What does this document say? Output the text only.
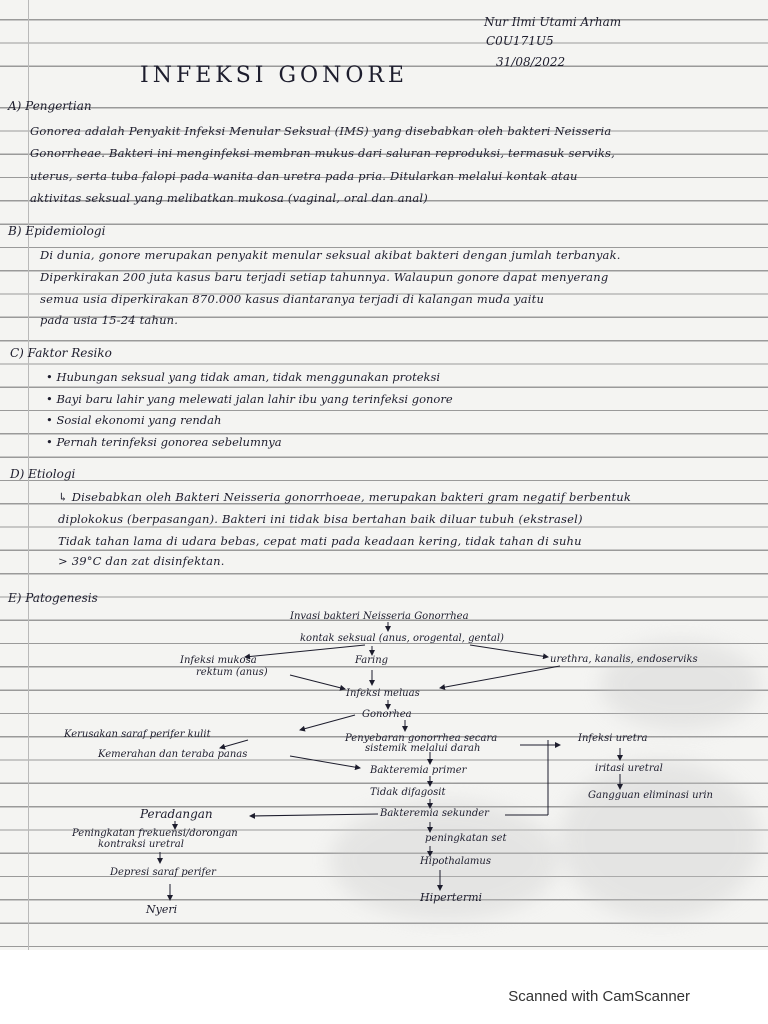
Nur Ilmi Utami Arham
C0U171U5
31/08/2022
INFEKSI GONORE
A) Pengertian
Gonorea adalah Penyakit Infeksi Menular Seksual (IMS) yang disebabkan oleh bakteri Neisseria
Gonorrheae. Bakteri ini menginfeksi membran mukus dari saluran reproduksi, termasuk serviks,
uterus, serta tuba falopi pada wanita dan uretra pada pria. Ditularkan melalui kontak atau
aktivitas seksual yang melibatkan mukosa (vaginal, oral dan anal)
B) Epidemiologi
Di dunia, gonore merupakan penyakit menular seksual akibat bakteri dengan jumlah terbanyak.
Diperkirakan 200 juta kasus baru terjadi setiap tahunnya. Walaupun gonore dapat menyerang
semua usia diperkirakan 870.000 kasus diantaranya terjadi di kalangan muda yaitu
pada usia 15-24 tahun.
C) Faktor Resiko
• Hubungan seksual yang tidak aman, tidak menggunakan proteksi
• Bayi baru lahir yang melewati jalan lahir ibu yang terinfeksi gonore
• Sosial ekonomi yang rendah
• Pernah terinfeksi gonorea sebelumnya
D) Etiologi
↳ Disebabkan oleh Bakteri Neisseria gonorrhoeae, merupakan bakteri gram negatif berbentuk
diplokokus (berpasangan). Bakteri ini tidak bisa bertahan baik diluar tubuh (ekstrasel)
Tidak tahan lama di udara bebas, cepat mati pada keadaan kering, tidak tahan di suhu
> 39°C dan zat disinfektan.
E) Patogenesis
Invasi bakteri Neisseria Gonorrhea
kontak seksual (anus, orogental, gental)
Infeksi mukosa
rektum (anus)
Faring	urethra, kanalis, endoserviks
Infeksi meluas
Gonorhea
Kerusakan saraf perifer kulit
Kemerahan dan teraba panas
Penyebaran gonorrhea secara
sistemik melalui darah
Bakteremia primer
Tidak difagosit
Bakteremia sekunder
Infeksi uretra
iritasi uretral
Gangguan eliminasi urin
Peradangan
Peningkatan frekuensi/dorongan
kontraksi uretral
Depresi saraf perifer
Nyeri
peningkatan set
Hipothalamus
Hipertermi
Scanned with CamScanner
